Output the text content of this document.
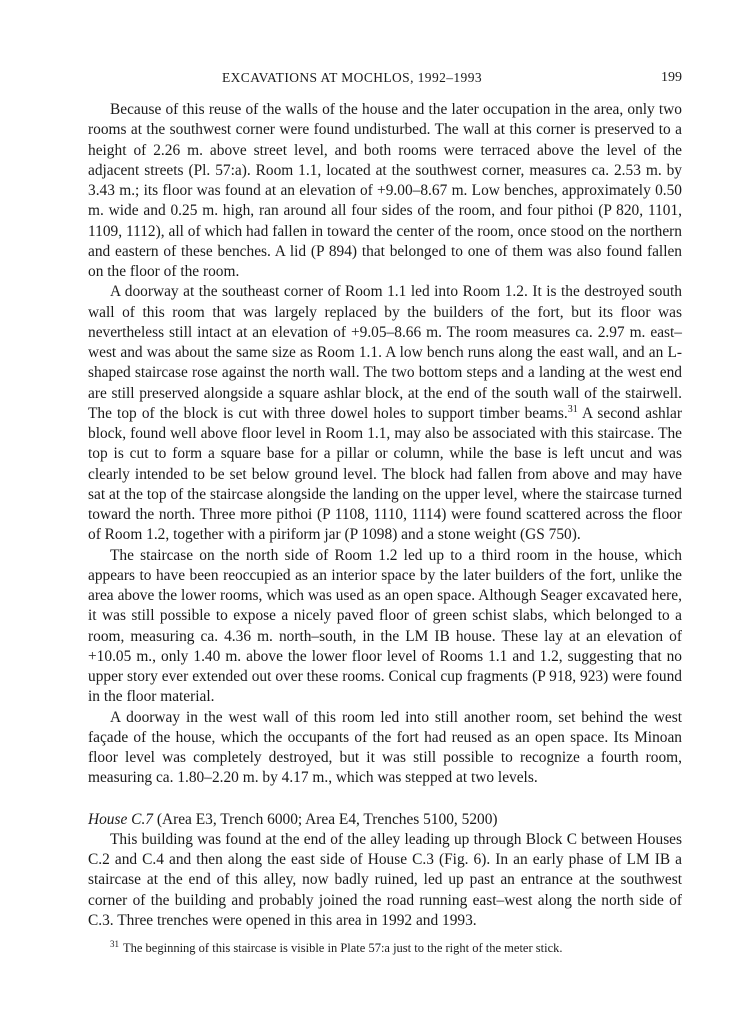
EXCAVATIONS AT MOCHLOS, 1992–1993	199

Because of this reuse of the walls of the house and the later occupation in the area, only two rooms at the southwest corner were found undisturbed. The wall at this corner is preserved to a height of 2.26 m. above street level, and both rooms were terraced above the level of the adjacent streets (Pl. 57:a). Room 1.1, located at the southwest corner, measures ca. 2.53 m. by 3.43 m.; its floor was found at an elevation of +9.00–8.67 m. Low benches, approximately 0.50 m. wide and 0.25 m. high, ran around all four sides of the room, and four pithoi (P 820, 1101, 1109, 1112), all of which had fallen in toward the center of the room, once stood on the northern and eastern of these benches. A lid (P 894) that belonged to one of them was also found fallen on the floor of the room.

A doorway at the southeast corner of Room 1.1 led into Room 1.2. It is the destroyed south wall of this room that was largely replaced by the builders of the fort, but its floor was nevertheless still intact at an elevation of +9.05–8.66 m. The room measures ca. 2.97 m. east–west and was about the same size as Room 1.1. A low bench runs along the east wall, and an L-shaped staircase rose against the north wall. The two bottom steps and a landing at the west end are still preserved alongside a square ashlar block, at the end of the south wall of the stairwell. The top of the block is cut with three dowel holes to support timber beams.$^{31}$ A second ashlar block, found well above floor level in Room 1.1, may also be associated with this staircase. The top is cut to form a square base for a pillar or column, while the base is left uncut and was clearly intended to be set below ground level. The block had fallen from above and may have sat at the top of the staircase alongside the landing on the upper level, where the staircase turned toward the north. Three more pithoi (P 1108, 1110, 1114) were found scattered across the floor of Room 1.2, together with a piriform jar (P 1098) and a stone weight (GS 750).

The staircase on the north side of Room 1.2 led up to a third room in the house, which appears to have been reoccupied as an interior space by the later builders of the fort, unlike the area above the lower rooms, which was used as an open space. Although Seager excavated here, it was still possible to expose a nicely paved floor of green schist slabs, which belonged to a room, measuring ca. 4.36 m. north–south, in the LM IB house. These lay at an elevation of +10.05 m., only 1.40 m. above the lower floor level of Rooms 1.1 and 1.2, suggesting that no upper story ever extended out over these rooms. Conical cup fragments (P 918, 923) were found in the floor material.

A doorway in the west wall of this room led into still another room, set behind the west façade of the house, which the occupants of the fort had reused as an open space. Its Minoan floor level was completely destroyed, but it was still possible to recognize a fourth room, measuring ca. 1.80–2.20 m. by 4.17 m., which was stepped at two levels.

House C.7 (Area E3, Trench 6000; Area E4, Trenches 5100, 5200)

This building was found at the end of the alley leading up through Block C between Houses C.2 and C.4 and then along the east side of House C.3 (Fig. 6). In an early phase of LM IB a staircase at the end of this alley, now badly ruined, led up past an entrance at the southwest corner of the building and probably joined the road running east–west along the north side of C.3. Three trenches were opened in this area in 1992 and 1993.

$^{31}$ The beginning of this staircase is visible in Plate 57:a just to the right of the meter stick.
